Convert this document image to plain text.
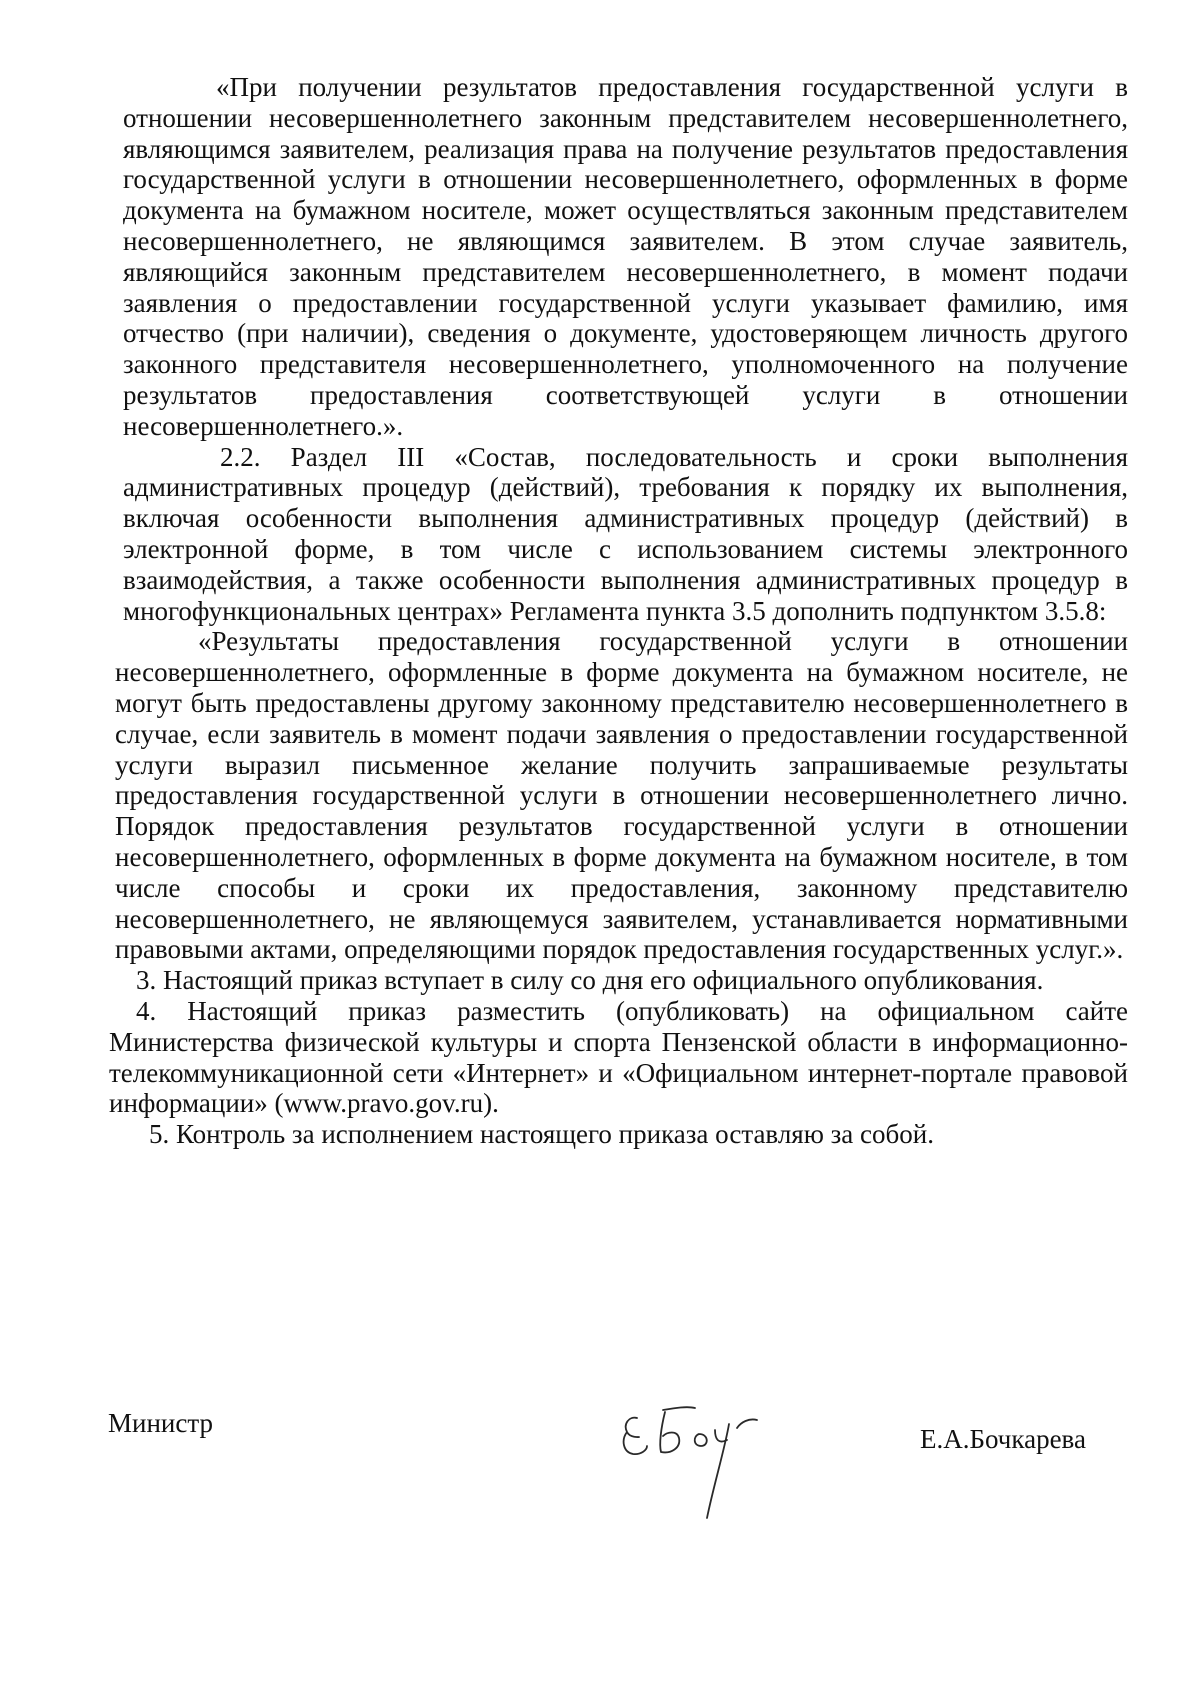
«При получении результатов предоставления государственной услуги в отношении несовершеннолетнего законным представителем несовершеннолетнего, являющимся заявителем, реализация права на получение результатов предоставления государственной услуги в отношении несовершеннолетнего, оформленных в форме документа на бумажном носителе, может осуществляться законным представителем несовершеннолетнего, не являющимся заявителем. В этом случае заявитель, являющийся законным представителем несовершеннолетнего, в момент подачи заявления о предоставлении государственной услуги указывает фамилию, имя отчество (при наличии), сведения о документе, удостоверяющем личность другого законного представителя несовершеннолетнего, уполномоченного на получение результатов предоставления соответствующей услуги в отношении несовершеннолетнего.».

2.2. Раздел III «Состав, последовательность и сроки выполнения административных процедур (действий), требования к порядку их выполнения, включая особенности выполнения административных процедур (действий) в электронной форме, в том числе с использованием системы электронного взаимодействия, а также особенности выполнения административных процедур в многофункциональных центрах» Регламента пункта 3.5 дополнить подпунктом 3.5.8:

«Результаты предоставления государственной услуги в отношении несовершеннолетнего, оформленные в форме документа на бумажном носителе, не могут быть предоставлены другому законному представителю несовершеннолетнего в случае, если заявитель в момент подачи заявления о предоставлении государственной услуги выразил письменное желание получить запрашиваемые результаты предоставления государственной услуги в отношении несовершеннолетнего лично. Порядок предоставления результатов государственной услуги в отношении несовершеннолетнего, оформленных в форме документа на бумажном носителе, в том числе способы и сроки их предоставления, законному представителю несовершеннолетнего, не являющемуся заявителем, устанавливается нормативными правовыми актами, определяющими порядок предоставления государственных услуг.».

3. Настоящий приказ вступает в силу со дня его официального опубликования.

4. Настоящий приказ разместить (опубликовать) на официальном сайте Министерства физической культуры и спорта Пензенской области в информационно-телекоммуникационной сети «Интернет» и «Официальном интернет-портале правовой информации» (www.pravo.gov.ru).

5. Контроль за исполнением настоящего приказа оставляю за собой.

Министр
Е.А.Бочкарева
